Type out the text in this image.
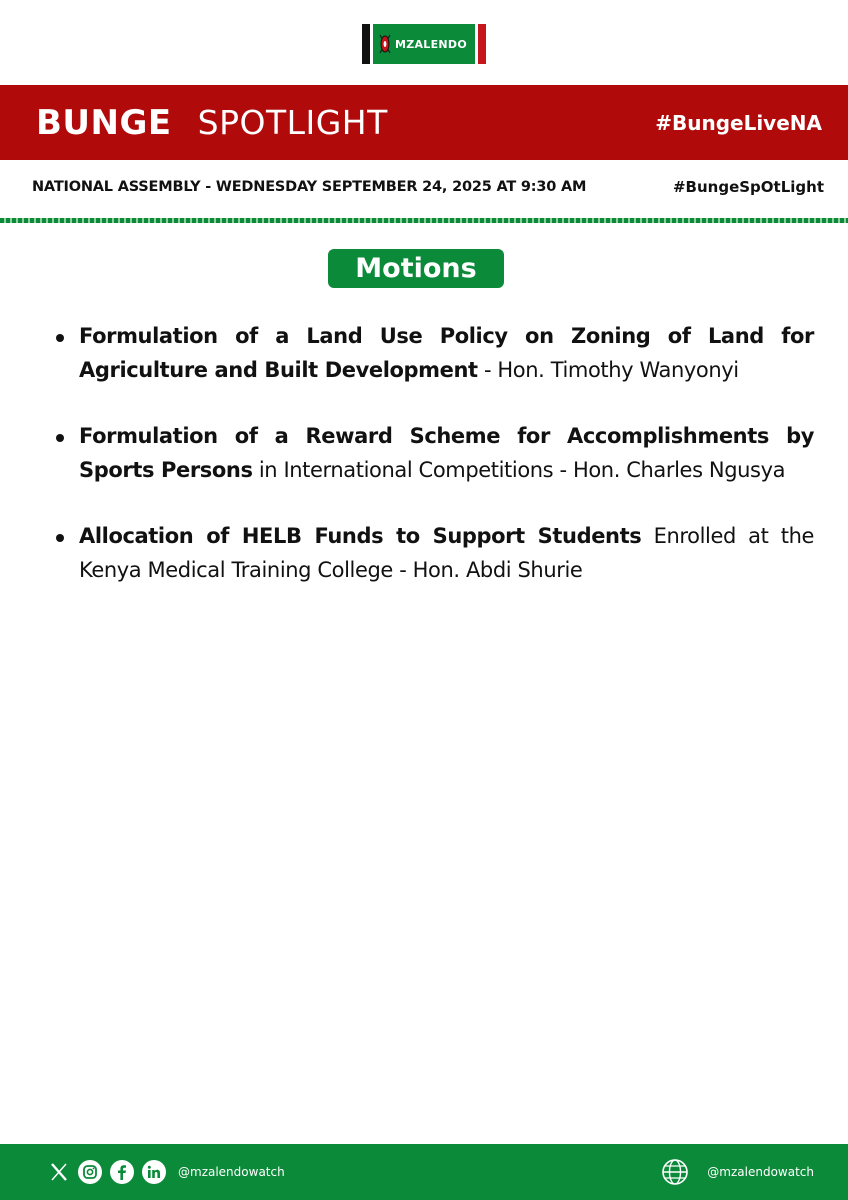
MZALENDO
BUNGE SPOTLIGHT	#BungeLiveNA
NATIONAL ASSEMBLY - WEDNESDAY SEPTEMBER 24, 2025 AT 9:30 AM	#BungeSpOtLight
Motions
Formulation of a Land Use Policy on Zoning of Land for Agriculture and Built Development - Hon. Timothy Wanyonyi
Formulation of a Reward Scheme for Accomplishments by Sports Persons in International Competitions - Hon. Charles Ngusya
Allocation of HELB Funds to Support Students Enrolled at the Kenya Medical Training College - Hon. Abdi Shurie
@mzalendowatch	@mzalendowatch
